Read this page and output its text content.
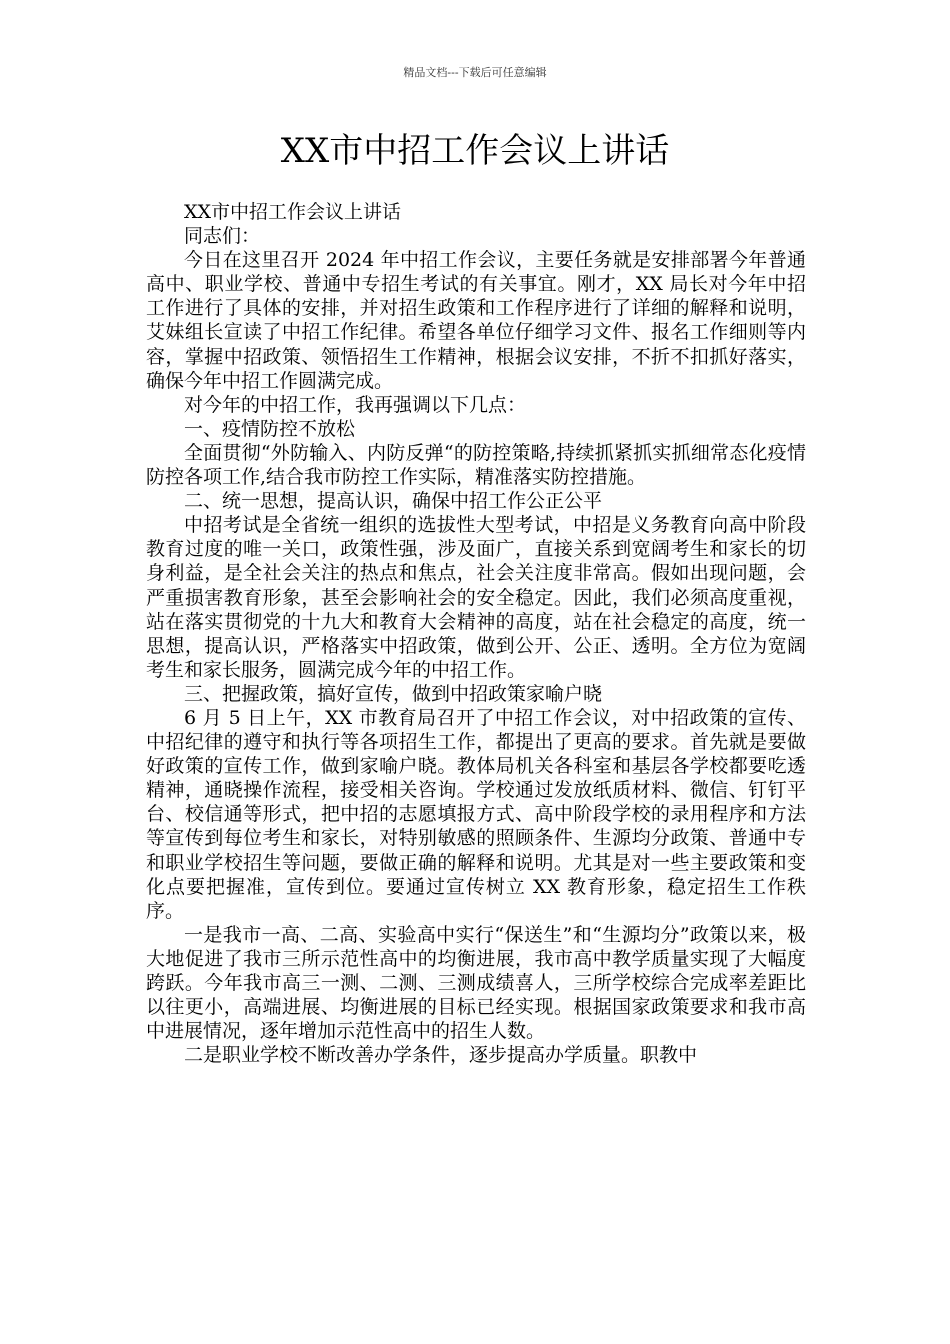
精品文档---下载后可任意编辑
XX市中招工作会议上讲话

XX市中招工作会议上讲话

同志们：

今日在这里召开 2024 年中招工作会议，主要任务就是安排部署今年普通高中、职业学校、普通中专招生考试的有关事宜。刚才，XX 局长对今年中招工作进行了具体的安排，并对招生政策和工作程序进行了详细的解释和说明，艾妹组长宣读了中招工作纪律。希望各单位仔细学习文件、报名工作细则等内容，掌握中招政策、领悟招生工作精神，根据会议安排，不折不扣抓好落实，确保今年中招工作圆满完成。

对今年的中招工作，我再强调以下几点：

一、疫情防控不放松

全面贯彻“外防输入、内防反弹“的防控策略,持续抓紧抓实抓细常态化疫情防控各项工作,结合我市防控工作实际，精准落实防控措施。

二、统一思想，提高认识，确保中招工作公正公平

中招考试是全省统一组织的选拔性大型考试，中招是义务教育向高中阶段教育过度的唯一关口，政策性强，涉及面广，直接关系到宽阔考生和家长的切身利益，是全社会关注的热点和焦点，社会关注度非常高。假如出现问题，会严重损害教育形象，甚至会影响社会的安全稳定。因此，我们必须高度重视，站在落实贯彻党的十九大和教育大会精神的高度，站在社会稳定的高度，统一思想，提高认识，严格落实中招政策，做到公开、公正、透明。全方位为宽阔考生和家长服务，圆满完成今年的中招工作。

三、把握政策，搞好宣传，做到中招政策家喻户晓

6 月 5 日上午，XX 市教育局召开了中招工作会议，对中招政策的宣传、中招纪律的遵守和执行等各项招生工作，都提出了更高的要求。首先就是要做好政策的宣传工作，做到家喻户晓。教体局机关各科室和基层各学校都要吃透精神，通晓操作流程，接受相关咨询。学校通过发放纸质材料、微信、钉钉平台、校信通等形式，把中招的志愿填报方式、高中阶段学校的录用程序和方法等宣传到每位考生和家长，对特别敏感的照顾条件、生源均分政策、普通中专和职业学校招生等问题，要做正确的解释和说明。尤其是对一些主要政策和变化点要把握准，宣传到位。要通过宣传树立 XX 教育形象，稳定招生工作秩序。

一是我市一高、二高、实验高中实行“保送生”和“生源均分”政策以来，极大地促进了我市三所示范性高中的均衡进展，我市高中教学质量实现了大幅度跨跃。今年我市高三一测、二测、三测成绩喜人，三所学校综合完成率差距比以往更小，高端进展、均衡进展的目标已经实现。根据国家政策要求和我市高中进展情况，逐年增加示范性高中的招生人数。

二是职业学校不断改善办学条件，逐步提高办学质量。职教中
